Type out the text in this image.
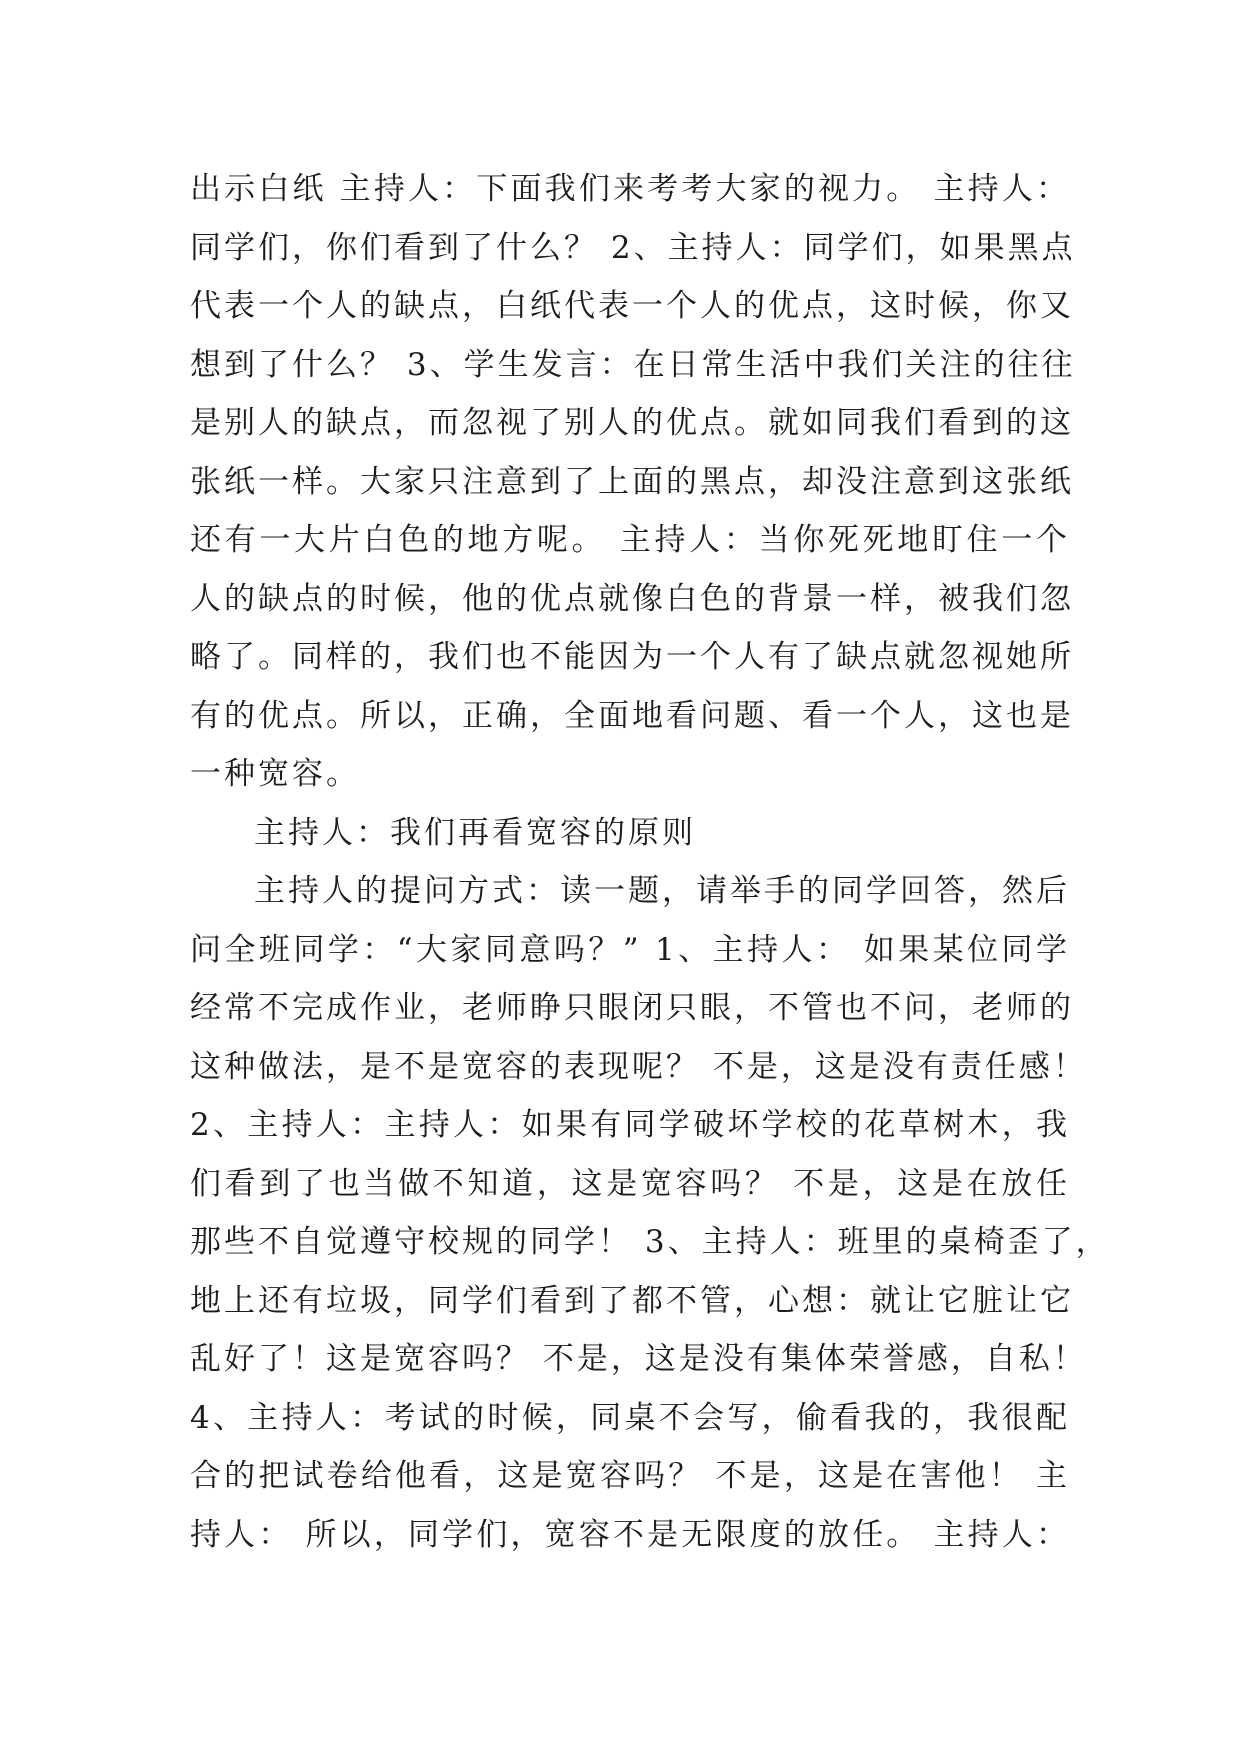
出示白纸 主持人：下面我们来考考大家的视力。 主持人：
同学们，你们看到了什么？ 2、主持人：同学们，如果黑点
代表一个人的缺点，白纸代表一个人的优点，这时候，你又
想到了什么？ 3、学生发言：在日常生活中我们关注的往往
是别人的缺点，而忽视了别人的优点。就如同我们看到的这
张纸一样。大家只注意到了上面的黑点，却没注意到这张纸
还有一大片白色的地方呢。 主持人：当你死死地盯住一个
人的缺点的时候，他的优点就像白色的背景一样，被我们忽
略了。同样的，我们也不能因为一个人有了缺点就忽视她所
有的优点。所以，正确，全面地看问题、看一个人，这也是
一种宽容。
主持人：我们再看宽容的原则
主持人的提问方式：读一题，请举手的同学回答，然后
问全班同学：“大家同意吗？” 1、主持人： 如果某位同学
经常不完成作业，老师睁只眼闭只眼，不管也不问，老师的
这种做法，是不是宽容的表现呢？ 不是，这是没有责任感！
2、主持人：主持人：如果有同学破坏学校的花草树木，我
们看到了也当做不知道，这是宽容吗？ 不是，这是在放任
那些不自觉遵守校规的同学！ 3、主持人：班里的桌椅歪了，
地上还有垃圾，同学们看到了都不管，心想：就让它脏让它
乱好了！这是宽容吗？ 不是，这是没有集体荣誉感，自私！
4、主持人：考试的时候，同桌不会写，偷看我的，我很配
合的把试卷给他看，这是宽容吗？ 不是，这是在害他！ 主
持人： 所以，同学们，宽容不是无限度的放任。 主持人：
